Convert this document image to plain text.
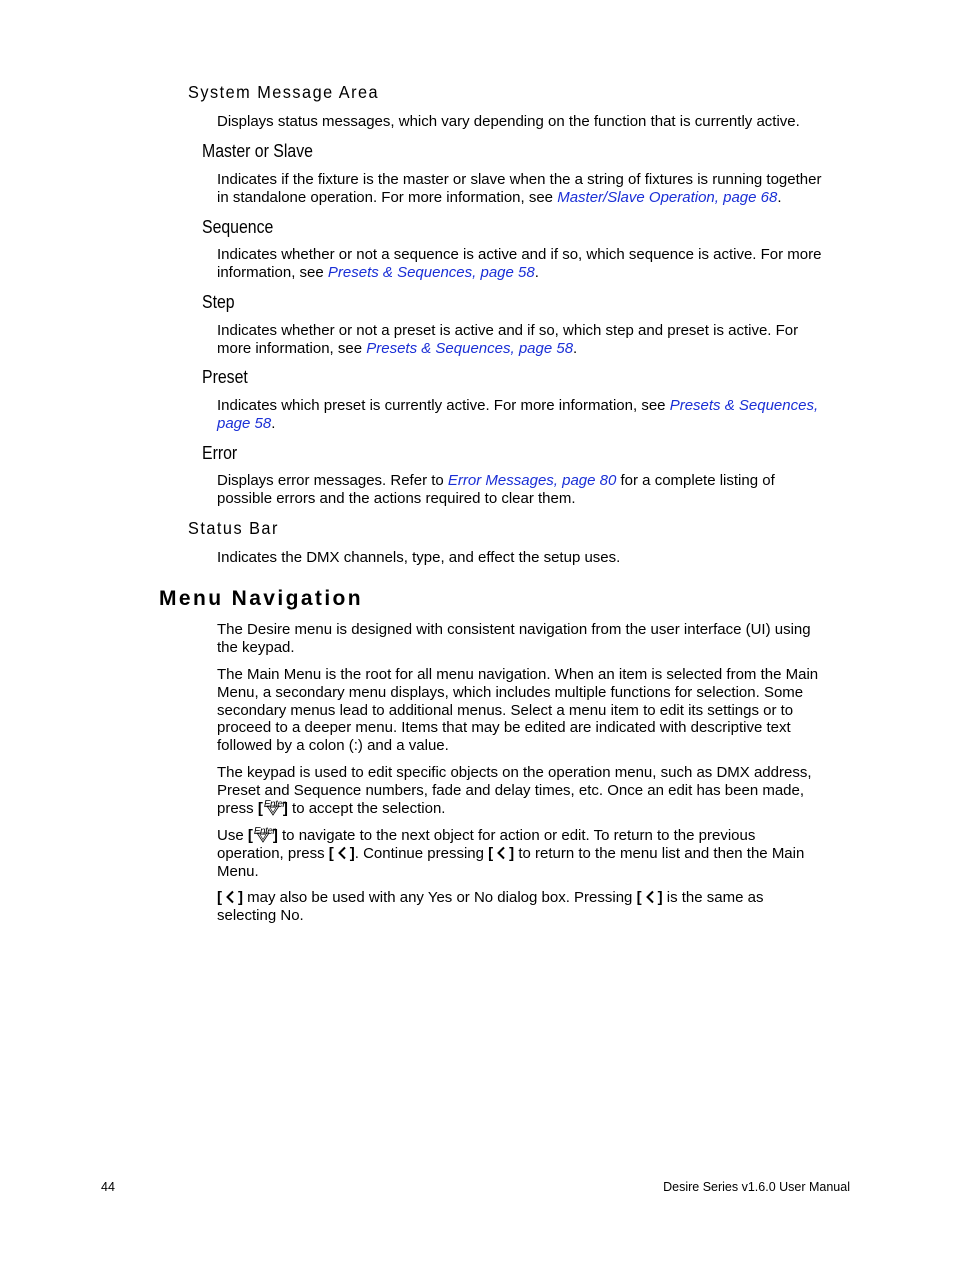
System Message Area
Displays status messages, which vary depending on the function that is currently active.
Master or Slave
Indicates if the fixture is the master or slave when the a string of fixtures is running together
in standalone operation. For more information, see Master/Slave Operation, page 68.
Sequence
Indicates whether or not a sequence is active and if so, which sequence is active. For more
information, see Presets & Sequences, page 58.
Step
Indicates whether or not a preset is active and if so, which step and preset is active. For
more information, see Presets & Sequences, page 58.
Preset
Indicates which preset is currently active. For more information, see Presets & Sequences,
page 58.
Error
Displays error messages. Refer to Error Messages, page 80 for a complete listing of
possible errors and the actions required to clear them.
Status Bar
Indicates the DMX channels, type, and effect the setup uses.
Menu Navigation
The Desire menu is designed with consistent navigation from the user interface (UI) using
the keypad.
The Main Menu is the root for all menu navigation. When an item is selected from the Main
Menu, a secondary menu displays, which includes multiple functions for selection. Some
secondary menus lead to additional menus. Select a menu item to edit its settings or to
proceed to a deeper menu. Items that may be edited are indicated with descriptive text
followed by a colon (:) and a value.
The keypad is used to edit specific objects on the operation menu, such as DMX address,
Preset and Sequence numbers, fade and delay times, etc. Once an edit has been made,
press [ Enter
] to accept the selection.
Use [ Enter
] to navigate to the next object for action or edit. To return to the previous
operation, press [ ]. Continue pressing [ ] to return to the menu list and then the Main
Menu.
[ ] may also be used with any Yes or No dialog box. Pressing [ ] is the same as
selecting No.
44	Desire Series v1.6.0 User Manual
